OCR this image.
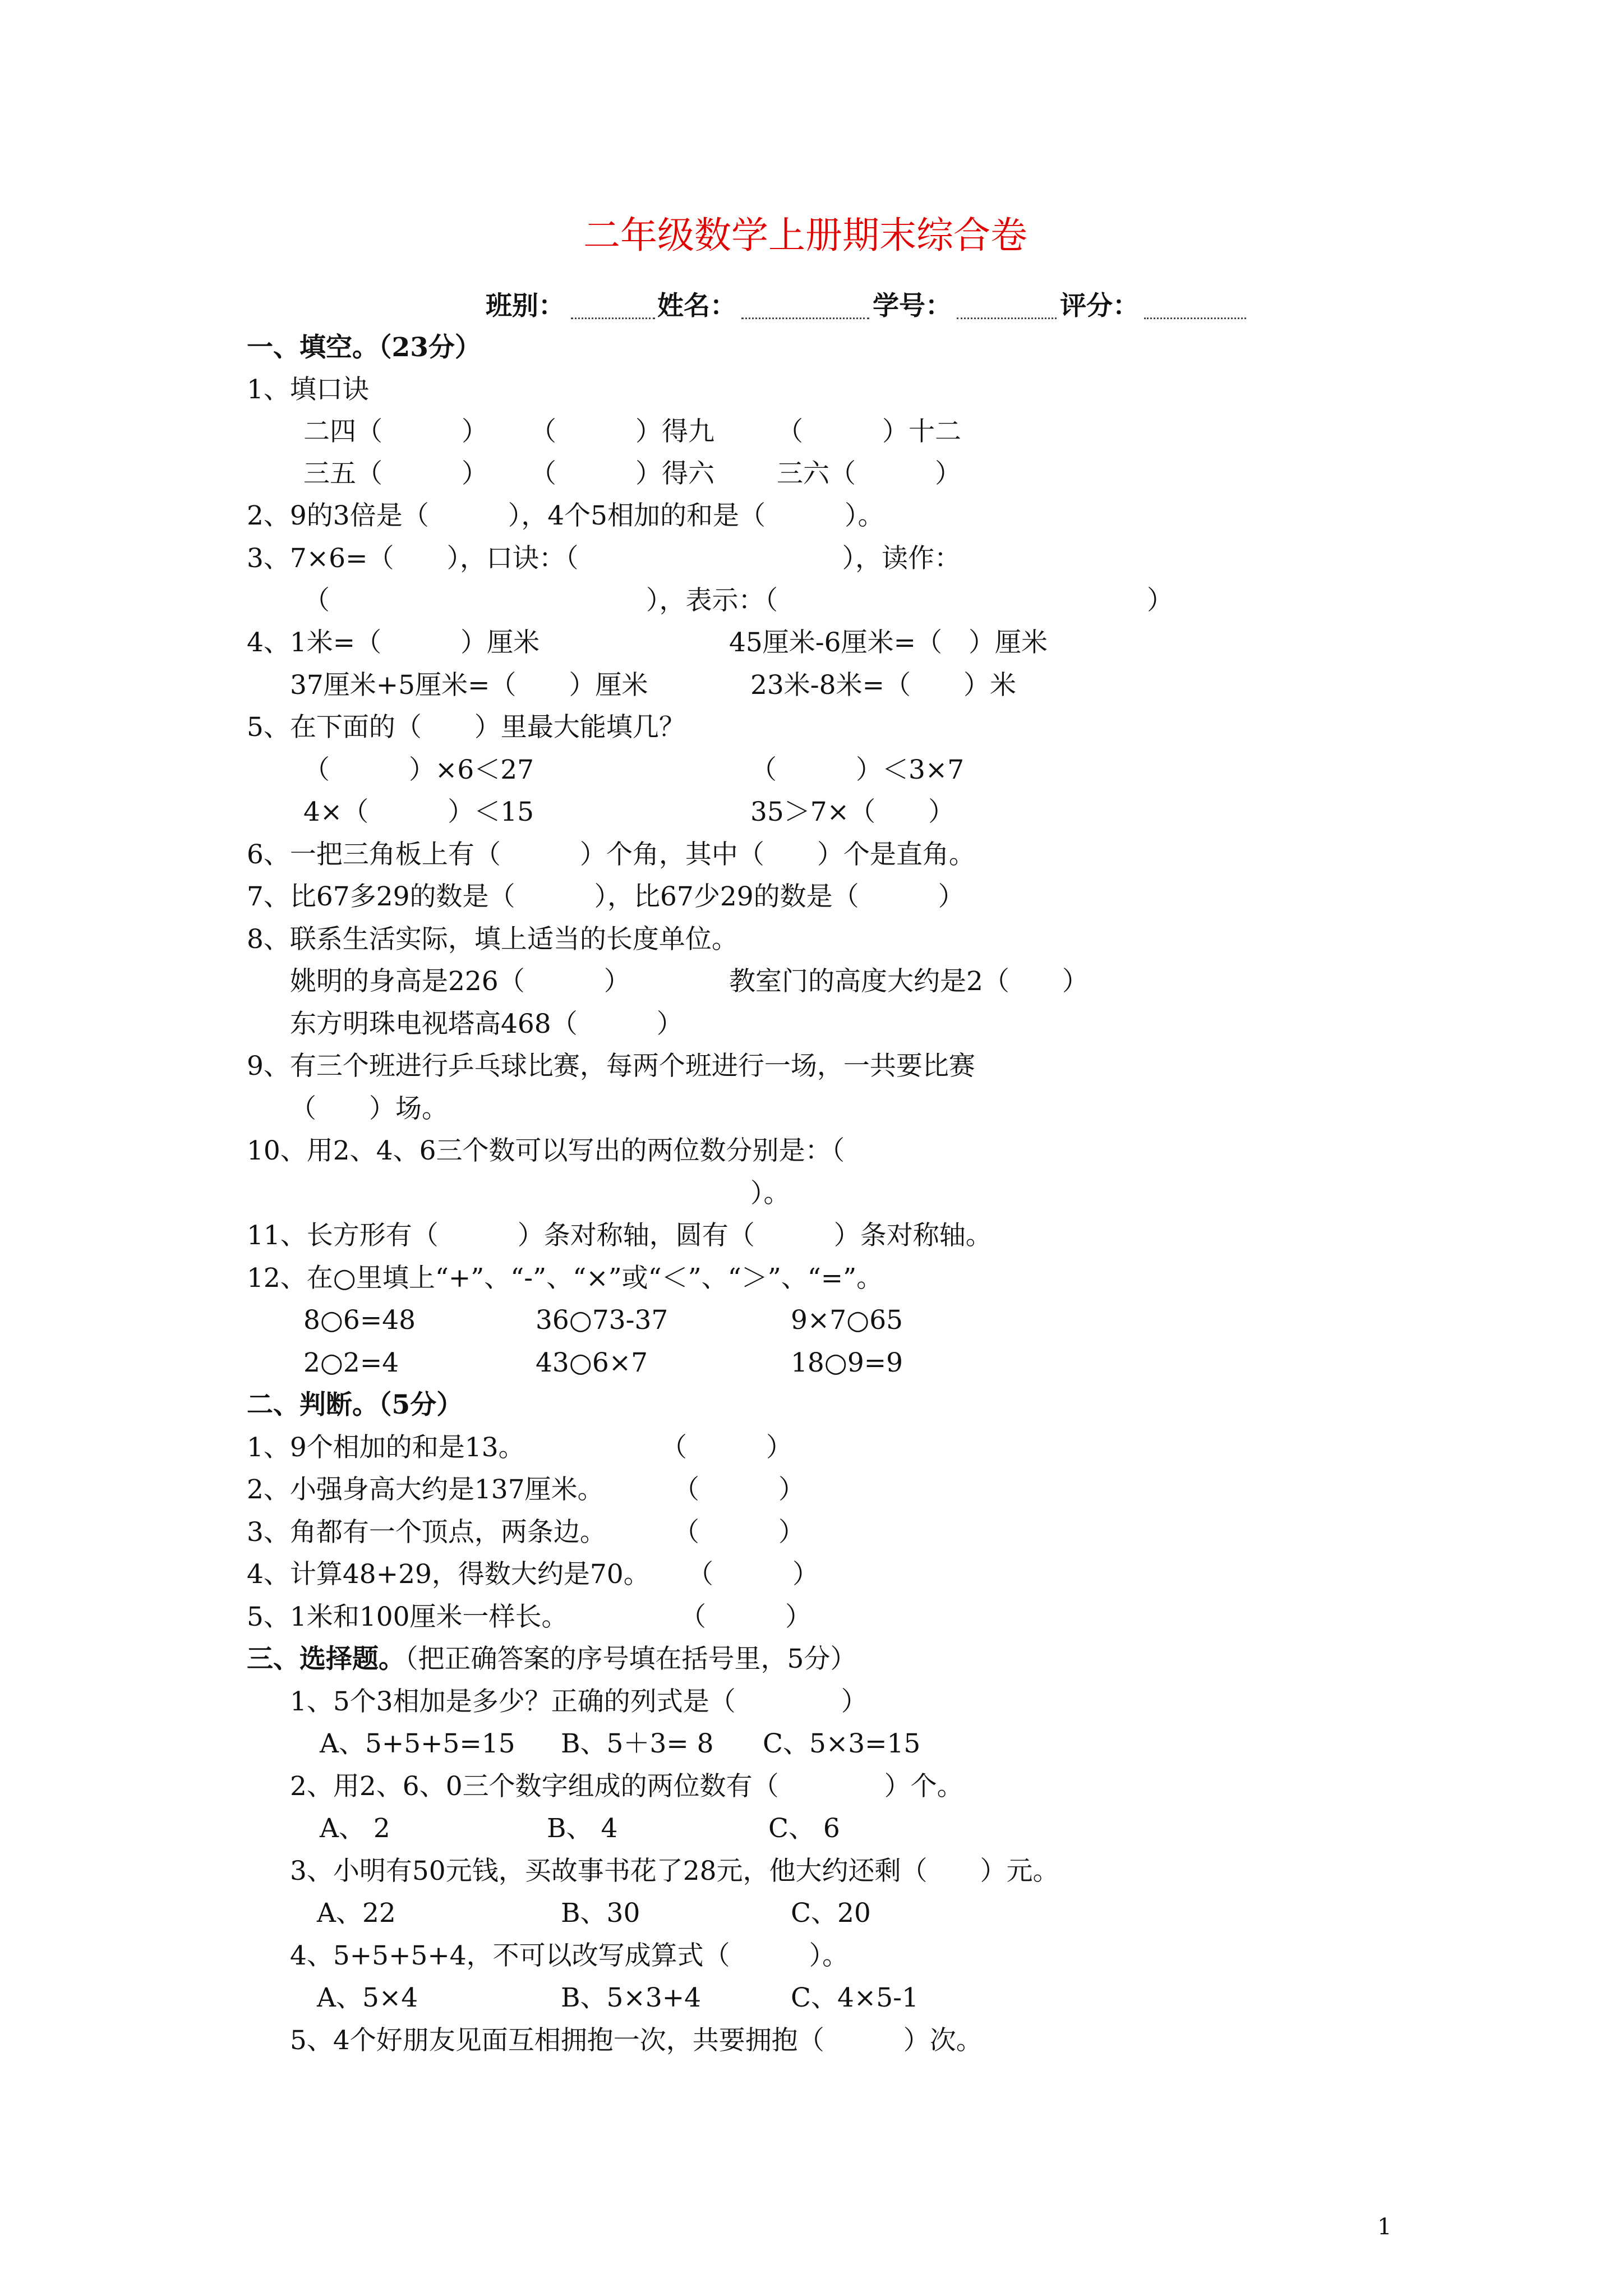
二年级数学上册期末综合卷
班别：	姓名：	学号：	评分：
一、填空。（23分）
1、填口诀
二四（　　　） （　　　）得九 （　　　）十二
三五（　　　） （　　　）得六 三六（　　　）
2、9的3倍是（　　　），4个5相加的和是（　　　）。
3、7×6=（　　），口诀：（　　　　　　　　　　），读作：
（　　　　　　　　　　　　），表示：（　　　　　　　　　　　　　　）
4、1米=（　　　）厘米	45厘米-6厘米=（　）厘米
37厘米+5厘米=（　　）厘米	23米-8米=（　　）米
5、在下面的（　　）里最大能填几？
（　　　）×6＜27	（　　　）＜3×7
4×（　　　）＜15	35＞7×（　　）
6、一把三角板上有（　　　）个角，其中（　　）个是直角。
7、比67多29的数是（　　　），比67少29的数是（　　　）
8、联系生活实际，填上适当的长度单位。
姚明的身高是226（　　　）	教室门的高度大约是2（　　）
东方明珠电视塔高468（　　　）
9、有三个班进行乒乓球比赛，每两个班进行一场，一共要比赛
（　　）场。
10、用2、4、6三个数可以写出的两位数分别是：（
）。
11、长方形有（　　　）条对称轴，圆有（　　　）条对称轴。
12、在○里填上“+”、“-”、“×”或“＜”、“＞”、“=”。
8○6=48	36○73-37	9×7○65
2○2=4	43○6×7	18○9=9
二、判断。（5分）
1、9个相加的和是13。	（　　　）
2、小强身高大约是137厘米。	（　　　）
3、角都有一个顶点，两条边。	（　　　）
4、计算48+29，得数大约是70。 （　　　）
5、1米和100厘米一样长。	（　　　）
三、选择题。（把正确答案的序号填在括号里，5分）
1、5个3相加是多少？正确的列式是（　　　　）
A、5+5+5=15 B、5＋3= 8 C、5×3=15
2、用2、6、0三个数字组成的两位数有（　　　　）个。
A、 2	B、 4	C、 6
3、小明有50元钱，买故事书花了28元，他大约还剩（　　）元。
A、22	B、30	C、20
4、5+5+5+4，不可以改写成算式（　　　）。
A、5×4	B、5×3+4	C、4×5-1
5、4个好朋友见面互相拥抱一次，共要拥抱（　　　）次。
1
